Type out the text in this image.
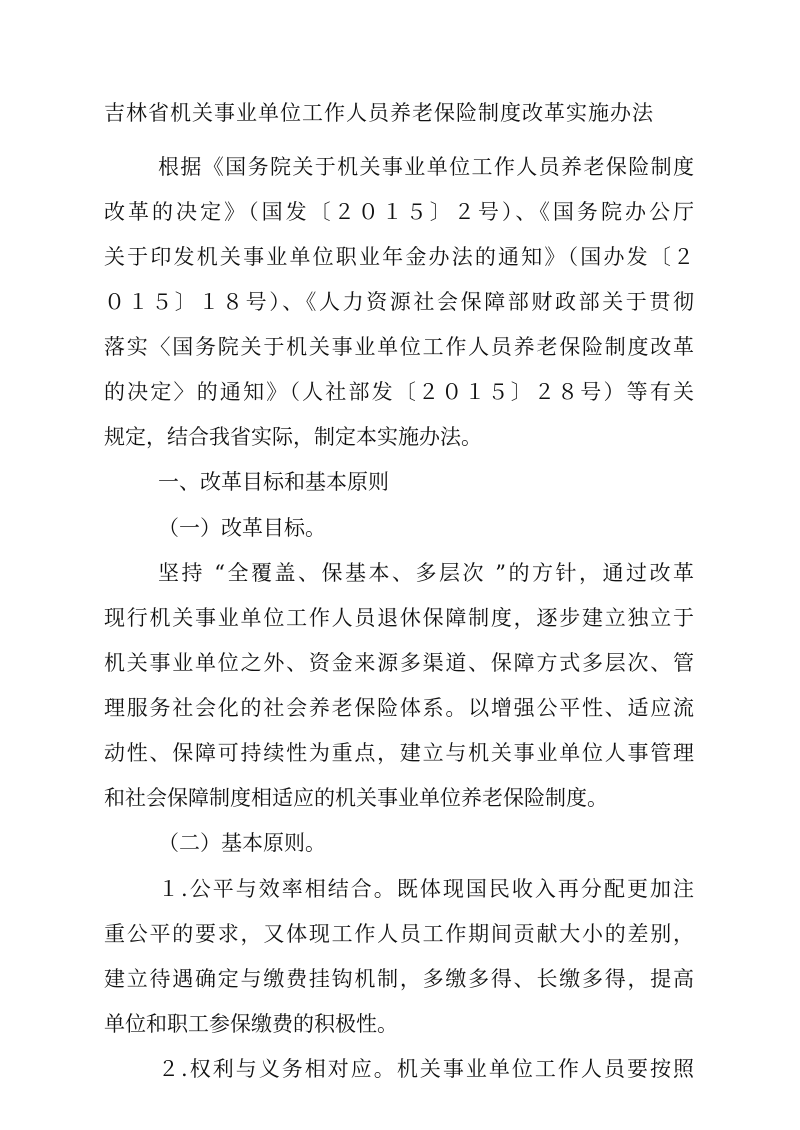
吉林省机关事业单位工作人员养老保险制度改革实施办法
根据《国务院关于机关事业单位工作人员养老保险制度
改革的决定》（国发〔２０１５〕２号）、《国务院办公厅
关于印发机关事业单位职业年金办法的通知》（国办发〔２
０１５〕１８号）、《人力资源社会保障部财政部关于贯彻
落实〈国务院关于机关事业单位工作人员养老保险制度改革
的决定〉的通知》（人社部发〔２０１５〕２８号）等有关
规定，结合我省实际，制定本实施办法。
一、改革目标和基本原则
（一）改革目标。
坚持 “全覆盖、保基本、多层次 ”的方针，通过改革
现行机关事业单位工作人员退休保障制度，逐步建立独立于
机关事业单位之外、资金来源多渠道、保障方式多层次、管
理服务社会化的社会养老保险体系。以增强公平性、适应流
动性、保障可持续性为重点，建立与机关事业单位人事管理
和社会保障制度相适应的机关事业单位养老保险制度。
（二）基本原则。
１.公平与效率相结合。既体现国民收入再分配更加注
重公平的要求，又体现工作人员工作期间贡献大小的差别，
建立待遇确定与缴费挂钩机制，多缴多得、长缴多得，提高
单位和职工参保缴费的积极性。
２.权利与义务相对应。机关事业单位工作人员要按照
